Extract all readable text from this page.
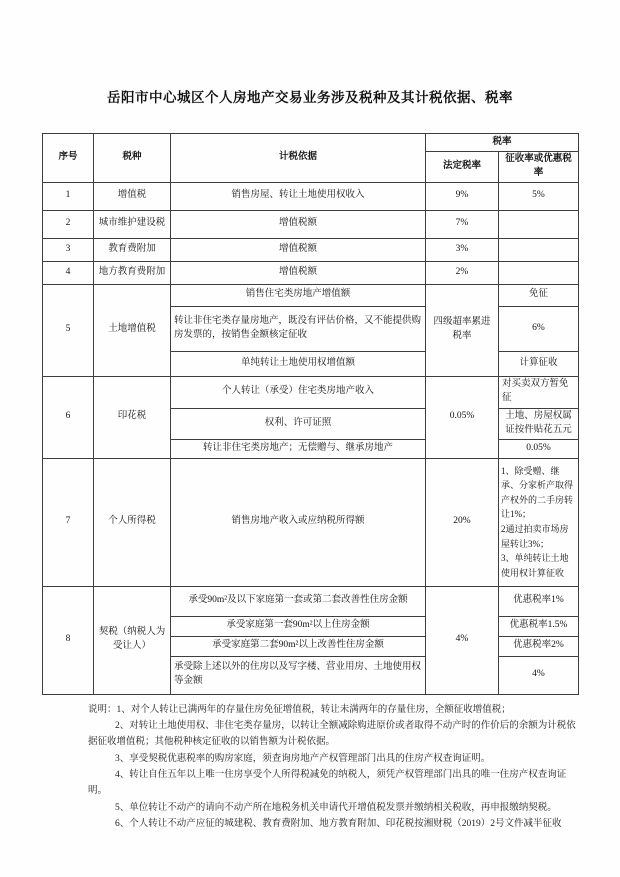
岳阳市中心城区个人房地产交易业务涉及税种及其计税依据、税率
序号	税种	计税依据	税率	
			法定税率	征收率或优惠税率
1	增值税	销售房屋、转让土地使用权收入	9%	5%
2	城市维护建设税	增值税额	7%	
3	教育费附加	增值税额	3%	
4	地方教育费附加	增值税额	2%	
5	土地增值税	销售住宅类房地产增值额	四级超率累进税率	免征
		转让非住宅类存量房地产，既没有评估价格，又不能提供购房发票的，按销售金额核定征收		6%
		单纯转让土地使用权增值额		计算征收
6	印花税	个人转让（承受）住宅类房地产收入	0.05%	对买卖双方暂免征
		权利、许可证照		土地、房屋权属证按件贴花五元
		转让非住宅类房地产；无偿赠与、继承房地产		0.05%
7	个人所得税	销售房地产收入或应纳税所得额	20%	1、除受赠、继承、分家析产取得产权外的二手房转让1%；
2通过拍卖市场房屋转让3%；
3、单纯转让土地使用权计算征收

8	契税（纳税人为受让人）	承受90m²及以下家庭第一套或第二套改善性住房金额	4%	优惠税率1%
		承受家庭第一套90m²以上住房金额		优惠税率1.5%
		承受家庭第二套90m²以上改善性住房金额		优惠税率2%
		承受除上述以外的住房以及写字楼、营业用房、土地使用权等金额		4%

说明：1、对个人转让已满两年的存量住房免征增值税，转让未满两年的存量住房，全额征收增值税；

2、对转让土地使用权、非住宅类存量房，以转让全额减除购进原价或者取得不动产时的作价后的余额为计税依据征收增值税；其他税种核定征收的以销售额为计税依据。

3、享受契税优惠税率的购房家庭，须查询房地产产权管理部门出具的住房产权查询证明。

4、转让自住五年以上唯一住房享受个人所得税减免的纳税人，须凭产权管理部门出具的唯一住房产权查询证明。

5、单位转让不动产的请向不动产所在地税务机关申请代开增值税发票并缴纳相关税收，再申报缴纳契税。

6、个人转让不动产应征的城建税、教育费附加、地方教育附加、印花税按湘财税（2019）2号文件减半征收
